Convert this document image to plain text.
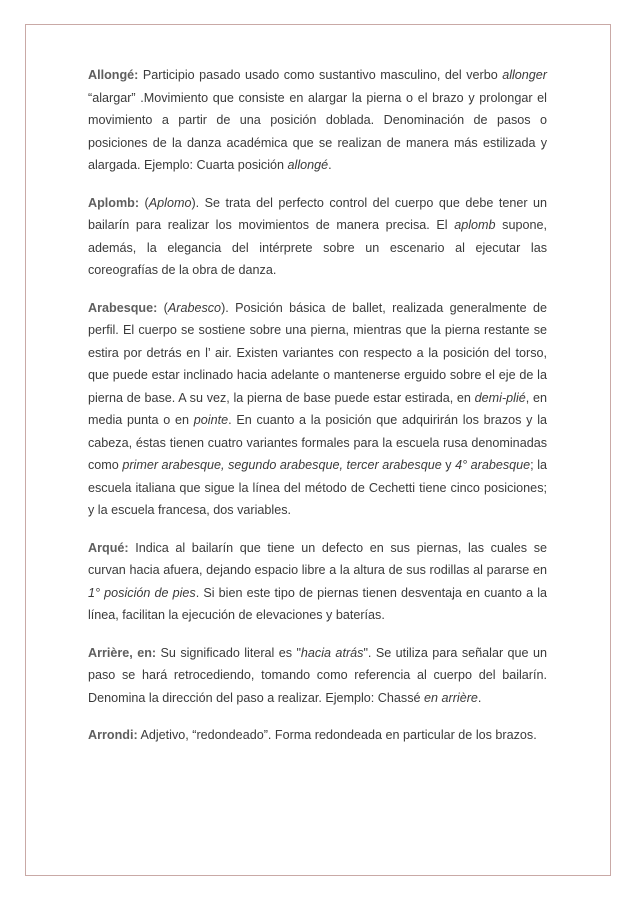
Allongé: Participio pasado usado como sustantivo masculino, del verbo allonger “alargar” .Movimiento que consiste en alargar la pierna o el brazo y prolongar el movimiento a partir de una posición doblada. Denominación de pasos o posiciones de la danza académica que se realizan de manera más estilizada y alargada. Ejemplo: Cuarta posición allongé.

Aplomb: (Aplomo). Se trata del perfecto control del cuerpo que debe tener un bailarín para realizar los movimientos de manera precisa. El aplomb supone, además, la elegancia del intérprete sobre un escenario al ejecutar las coreografías de la obra de danza.

Arabesque: (Arabesco). Posición básica de ballet, realizada generalmente de perfil. El cuerpo se sostiene sobre una pierna, mientras que la pierna restante se estira por detrás en l’ air. Existen variantes con respecto a la posición del torso, que puede estar inclinado hacia adelante o mantenerse erguido sobre el eje de la pierna de base. A su vez, la pierna de base puede estar estirada, en demi-plié, en media punta o en pointe. En cuanto a la posición que adquirirán los brazos y la cabeza, éstas tienen cuatro variantes formales para la escuela rusa denominadas como primer arabesque, segundo arabesque, tercer arabesque y 4° arabesque; la escuela italiana que sigue la línea del método de Cechetti tiene cinco posiciones; y la escuela francesa, dos variables.

Arqué: Indica al bailarín que tiene un defecto en sus piernas, las cuales se curvan hacia afuera, dejando espacio libre a la altura de sus rodillas al pararse en 1° posición de pies. Si bien este tipo de piernas tienen desventaja en cuanto a la línea, facilitan la ejecución de elevaciones y baterías.

Arrière, en: Su significado literal es "hacia atrás". Se utiliza para señalar que un paso se hará retrocediendo, tomando como referencia al cuerpo del bailarín. Denomina la dirección del paso a realizar. Ejemplo: Chassé en arrière.

Arrondi: Adjetivo, “redondeado”. Forma redondeada en particular de los brazos.
